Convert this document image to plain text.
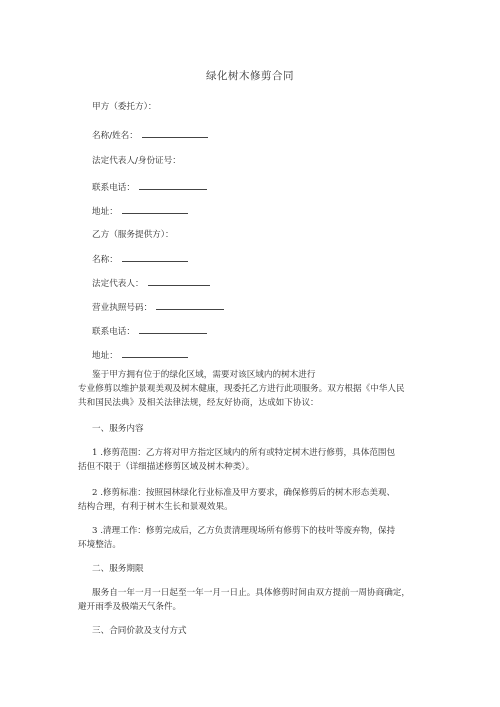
绿化树木修剪合同
甲方（委托方）：
名称/姓名：
法定代表人/身份证号：
联系电话：
地址：
乙方（服务提供方）：
名称：
法定代表人：
营业执照号码：
联系电话：
地址：
鉴于甲方拥有位于的绿化区域，需要对该区域内的树木进行
专业修剪以维护景观美观及树木健康，现委托乙方进行此项服务。双方根据《中华人民
共和国民法典》及相关法律法规，经友好协商，达成如下协议：
一、服务内容
1 .修剪范围：乙方将对甲方指定区域内的所有或特定树木进行修剪，具体范围包
括但不限于（详细描述修剪区域及树木种类）。
2 .修剪标准：按照园林绿化行业标准及甲方要求，确保修剪后的树木形态美观、
结构合理，有利于树木生长和景观效果。
3 .清理工作：修剪完成后，乙方负责清理现场所有修剪下的枝叶等废弃物，保持
环境整洁。
二、服务期限
服务自一年一月一日起至一年一月一日止。具体修剪时间由双方提前一周协商确定，
避开雨季及极端天气条件。
三、合同价款及支付方式
